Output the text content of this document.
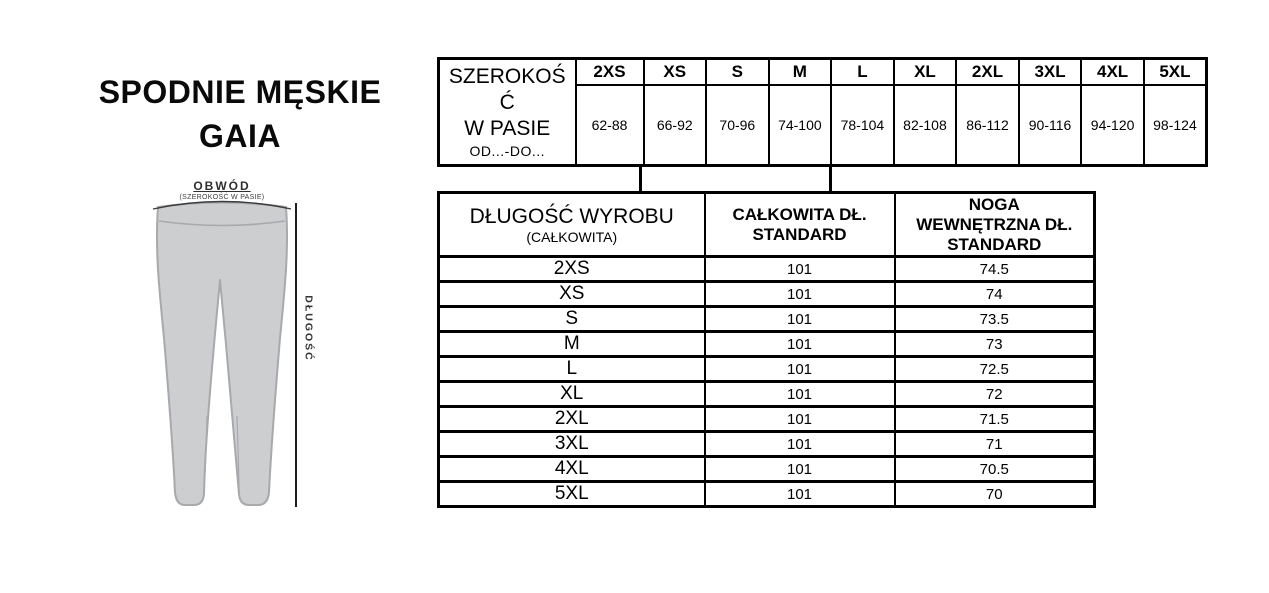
SPODNIE MĘSKIE
GAIA
OBWÓD
(SZEROKOŚĆ W PASIE)
DŁUGOŚĆ
SZEROKOŚ
Ć
W PASIE
OD...-DO...	2XS	XS	S	M	L	XL	2XL	3XL	4XL	5XL
	62-88	66-92	70-96	74-100	78-104	82-108	86-112	90-116	94-120	98-124
DŁUGOŚĆ WYROBU
(CAŁKOWITA)

CAŁKOWITA DŁ.
STANDARD

NOGA
WEWNĘTRZNA DŁ.
STANDARD

2XS	101	74.5
XS	101	74
S	101	73.5
M	101	73
L	101	72.5
XL	101	72
2XL	101	71.5
3XL	101	71
4XL	101	70.5
5XL	101	70
